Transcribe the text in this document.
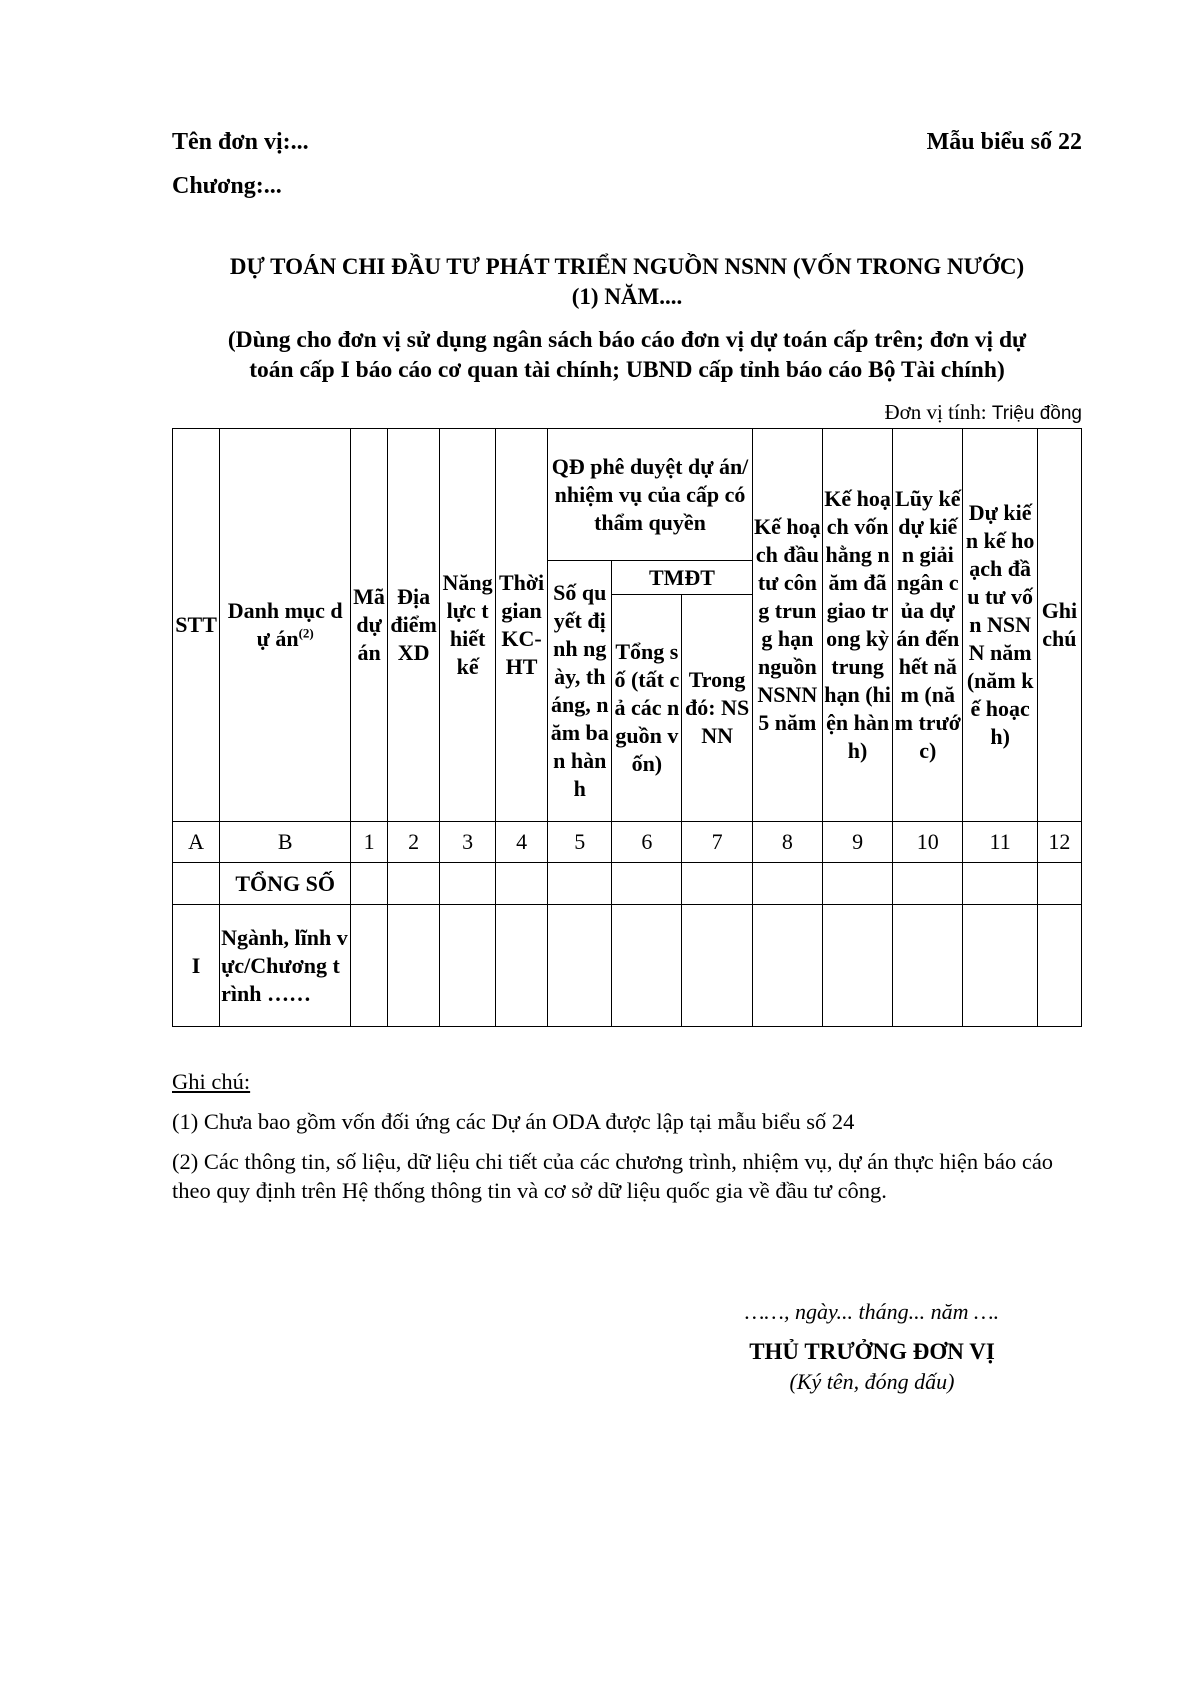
Tên đơn vị:...	Mẫu biểu số 22
Chương:...
DỰ TOÁN CHI ĐẦU TƯ PHÁT TRIỂN NGUỒN NSNN (VỐN TRONG NƯỚC)
(1) NĂM....
(Dùng cho đơn vị sử dụng ngân sách báo cáo đơn vị dự toán cấp trên; đơn vị dự
toán cấp I báo cáo cơ quan tài chính; UBND cấp tỉnh báo cáo Bộ Tài chính)
Đơn vị tính: Triệu đồng
STT	Danh mục dự $án^{(2)}$	Mã dự án	Địa điểm XD	Năng lực thiết kế	Thời gian KC-HT	QĐ phê duyệt dự án/nhiệm vụ của cấp có thẩm quyền			Kế hoạch đầu tư công trung hạn nguồn NSNN 5 năm	Kế hoạch vốn hằng năm đã giao trong kỳ trung hạn (hiện hành)	Lũy kế dự kiến giải ngân của dự án đến hết năm (năm trước)	Dự kiến kế hoạch đầu tư vốn NSNN năm (năm kế hoạch)	Ghi chú
						Số quyết định ngày, tháng, năm ban hành	TMĐT						
							Tổng số (tất cả các nguồn vốn)	Trong đó: NSNN					
A	B	1	2	3	4	5	6	7	8	9	10	11	12
	TỔNG SỐ												
I	Ngành, lĩnh vực/Chương trình ……												

Ghi chú:

(1) Chưa bao gồm vốn đối ứng các Dự án ODA được lập tại mẫu biểu số 24

(2) Các thông tin, số liệu, dữ liệu chi tiết của các chương trình, nhiệm vụ, dự án thực hiện báo cáo theo quy định trên Hệ thống thông tin và cơ sở dữ liệu quốc gia về đầu tư công.

……, ngày... tháng... năm ….
THỦ TRƯỞNG ĐƠN VỊ
(Ký tên, đóng dấu)
